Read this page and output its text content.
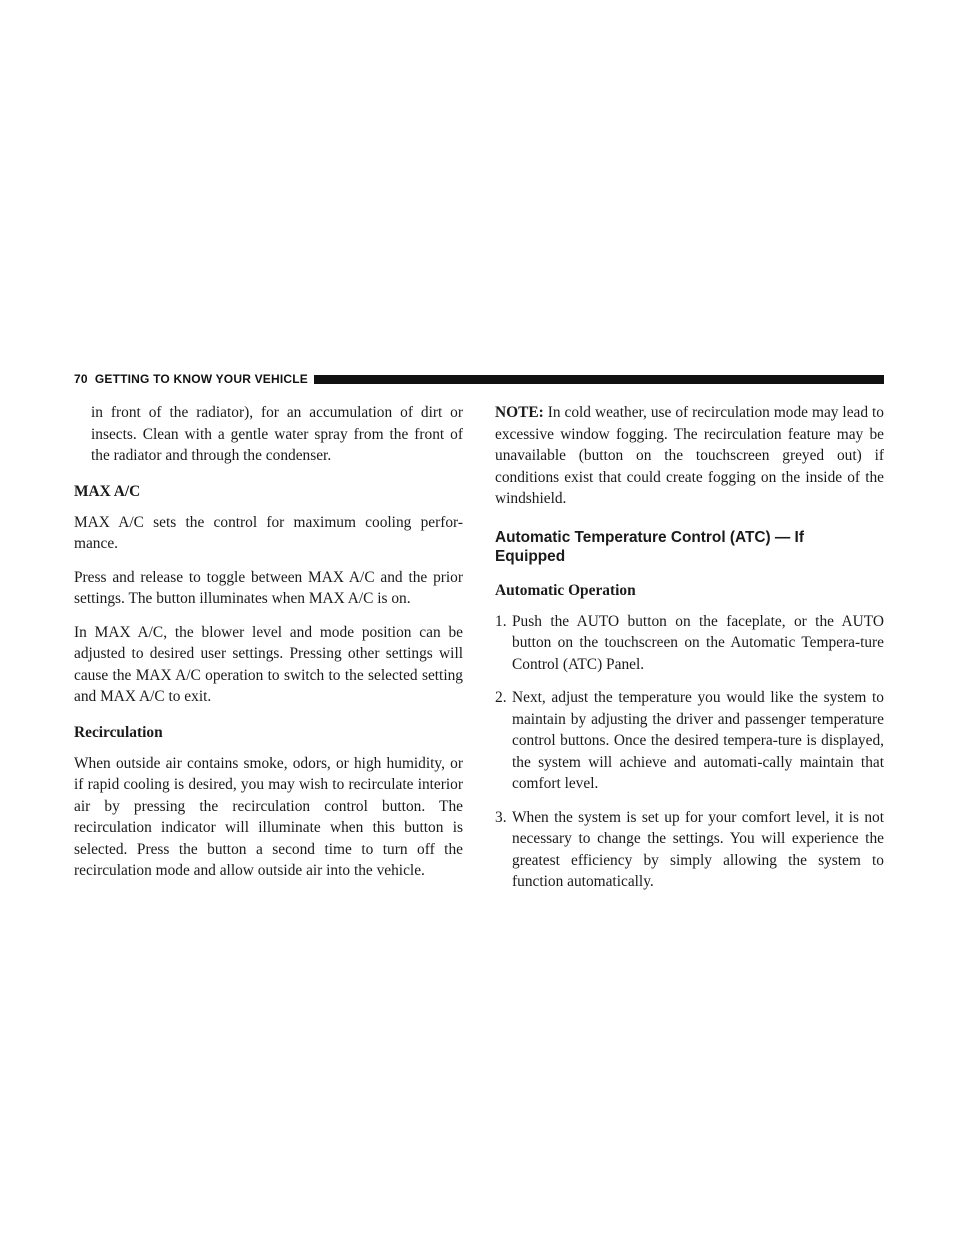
70 GETTING TO KNOW YOUR VEHICLE

in front of the radiator), for an accumulation of dirt or insects. Clean with a gentle water spray from the front of the radiator and through the condenser.

MAX A/C

MAX A/C sets the control for maximum cooling perfor-mance.

Press and release to toggle between MAX A/C and the prior settings. The button illuminates when MAX A/C is on.

In MAX A/C, the blower level and mode position can be adjusted to desired user settings. Pressing other settings will cause the MAX A/C operation to switch to the selected setting and MAX A/C to exit.

Recirculation

When outside air contains smoke, odors, or high humidity, or if rapid cooling is desired, you may wish to recirculate interior air by pressing the recirculation control button. The recirculation indicator will illuminate when this button is selected. Press the button a second time to turn off the recirculation mode and allow outside air into the vehicle.

NOTE: In cold weather, use of recirculation mode may lead to excessive window fogging. The recirculation feature may be unavailable (button on the touchscreen greyed out) if conditions exist that could create fogging on the inside of the windshield.

Automatic Temperature Control (ATC) — If
Equipped
Automatic Operation
1. Push the AUTO button on the faceplate, or the AUTO button on the touchscreen on the Automatic Tempera-ture Control (ATC) Panel.
2. Next, adjust the temperature you would like the system to maintain by adjusting the driver and passenger temperature control buttons. Once the desired tempera-ture is displayed, the system will achieve and automati-cally maintain that comfort level.
3. When the system is set up for your comfort level, it is not necessary to change the settings. You will experience the greatest efficiency by simply allowing the system to function automatically.
